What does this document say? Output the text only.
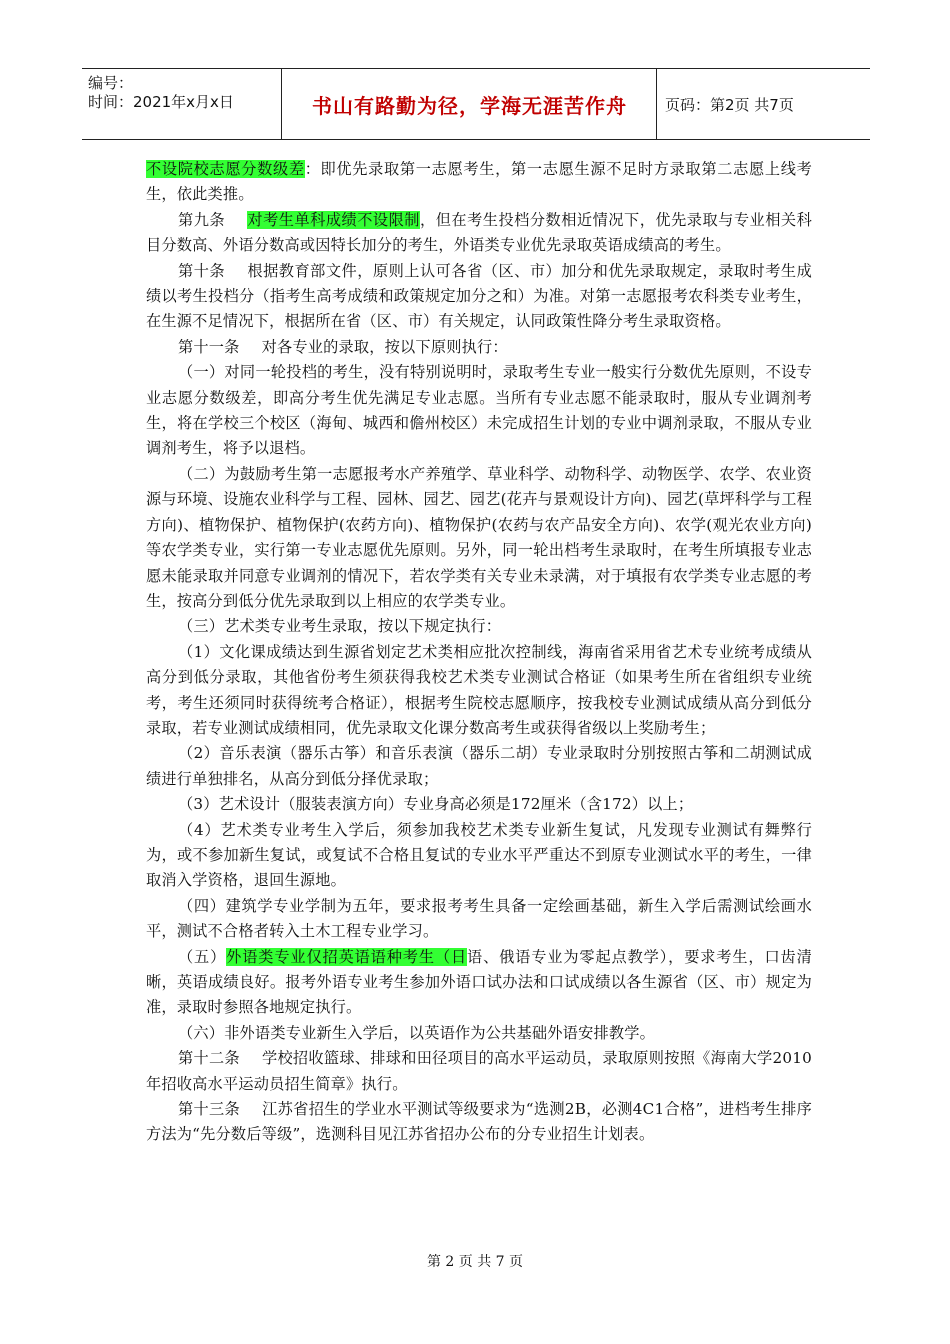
编号：
时间：2021年x月x日	书山有路勤为径，学海无涯苦作舟	页码：第2页 共7页

不设院校志愿分数级差：即优先录取第一志愿考生，第一志愿生源不足时方录取第二志愿上线考生，依此类推。

第九条 对考生单科成绩不设限制，但在考生投档分数相近情况下，优先录取与专业相关科目分数高、外语分数高或因特长加分的考生，外语类专业优先录取英语成绩高的考生。

第十条 根据教育部文件，原则上认可各省（区、市）加分和优先录取规定，录取时考生成绩以考生投档分（指考生高考成绩和政策规定加分之和）为准。对第一志愿报考农科类专业考生，在生源不足情况下，根据所在省（区、市）有关规定，认同政策性降分考生录取资格。

第十一条 对各专业的录取，按以下原则执行：

（一）对同一轮投档的考生，没有特别说明时，录取考生专业一般实行分数优先原则，不设专业志愿分数级差，即高分考生优先满足专业志愿。当所有专业志愿不能录取时，服从专业调剂考生，将在学校三个校区（海甸、城西和儋州校区）未完成招生计划的专业中调剂录取，不服从专业调剂考生，将予以退档。

（二）为鼓励考生第一志愿报考水产养殖学、草业科学、动物科学、动物医学、农学、农业资源与环境、设施农业科学与工程、园林、园艺、园艺(花卉与景观设计方向)、园艺(草坪科学与工程方向)、植物保护、植物保护(农药方向)、植物保护(农药与农产品安全方向)、农学(观光农业方向)等农学类专业，实行第一专业志愿优先原则。另外，同一轮出档考生录取时，在考生所填报专业志愿未能录取并同意专业调剂的情况下，若农学类有关专业未录满，对于填报有农学类专业志愿的考生，按高分到低分优先录取到以上相应的农学类专业。

（三）艺术类专业考生录取，按以下规定执行：

（1）文化课成绩达到生源省划定艺术类相应批次控制线，海南省采用省艺术专业统考成绩从高分到低分录取，其他省份考生须获得我校艺术类专业测试合格证（如果考生所在省组织专业统考，考生还须同时获得统考合格证），根据考生院校志愿顺序，按我校专业测试成绩从高分到低分录取，若专业测试成绩相同，优先录取文化课分数高考生或获得省级以上奖励考生；

（2）音乐表演（器乐古筝）和音乐表演（器乐二胡）专业录取时分别按照古筝和二胡测试成绩进行单独排名，从高分到低分择优录取；

（3）艺术设计（服装表演方向）专业身高必须是172厘米（含172）以上；

（4）艺术类专业考生入学后，须参加我校艺术类专业新生复试，凡发现专业测试有舞弊行为，或不参加新生复试，或复试不合格且复试的专业水平严重达不到原专业测试水平的考生，一律取消入学资格，退回生源地。

（四）建筑学专业学制为五年，要求报考考生具备一定绘画基础，新生入学后需测试绘画水平，测试不合格者转入土木工程专业学习。

（五）外语类专业仅招英语语种考生（日语、俄语专业为零起点教学），要求考生，口齿清晰，英语成绩良好。报考外语专业考生参加外语口试办法和口试成绩以各生源省（区、市）规定为准，录取时参照各地规定执行。

（六）非外语类专业新生入学后，以英语作为公共基础外语安排教学。

第十二条 学校招收篮球、排球和田径项目的高水平运动员，录取原则按照《海南大学2010年招收高水平运动员招生简章》执行。

第十三条 江苏省招生的学业水平测试等级要求为“选测2B，必测4C1合格”，进档考生排序方法为“先分数后等级”，选测科目见江苏省招办公布的分专业招生计划表。

第 2 页 共 7 页
